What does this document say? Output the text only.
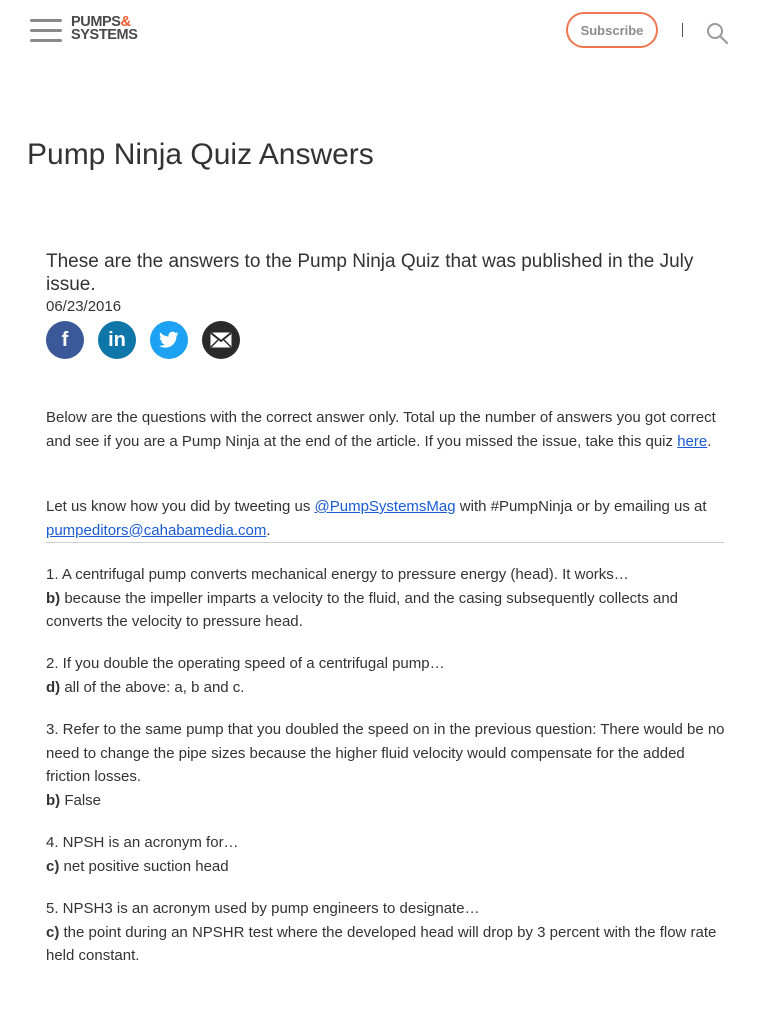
PUMPS&
SYSTEMS	Subscribe
Pump Ninja Quiz Answers

These are the answers to the Pump Ninja Quiz that was published in the July issue.

06/23/2016
f in

Below are the questions with the correct answer only. Total up the number of answers you got correct and see if you are a Pump Ninja at the end of the article. If you missed the issue, take this quiz here.

Let us know how you did by tweeting us @PumpSystemsMag with #PumpNinja or by emailing us at pumpeditors@cahabamedia.com.

1. A centrifugal pump converts mechanical energy to pressure energy (head). It works…
b) because the impeller imparts a velocity to the fluid, and the casing subsequently collects and converts the velocity to pressure head.

2. If you double the operating speed of a centrifugal pump…
d) all of the above: a, b and c.

3. Refer to the same pump that you doubled the speed on in the previous question: There would be no need to change the pipe sizes because the higher fluid velocity would compensate for the added friction losses.
b) False

4. NPSH is an acronym for…
c) net positive suction head

5. NPSH3 is an acronym used by pump engineers to designate…
c) the point during an NPSHR test where the developed head will drop by 3 percent with the flow rate held constant.
